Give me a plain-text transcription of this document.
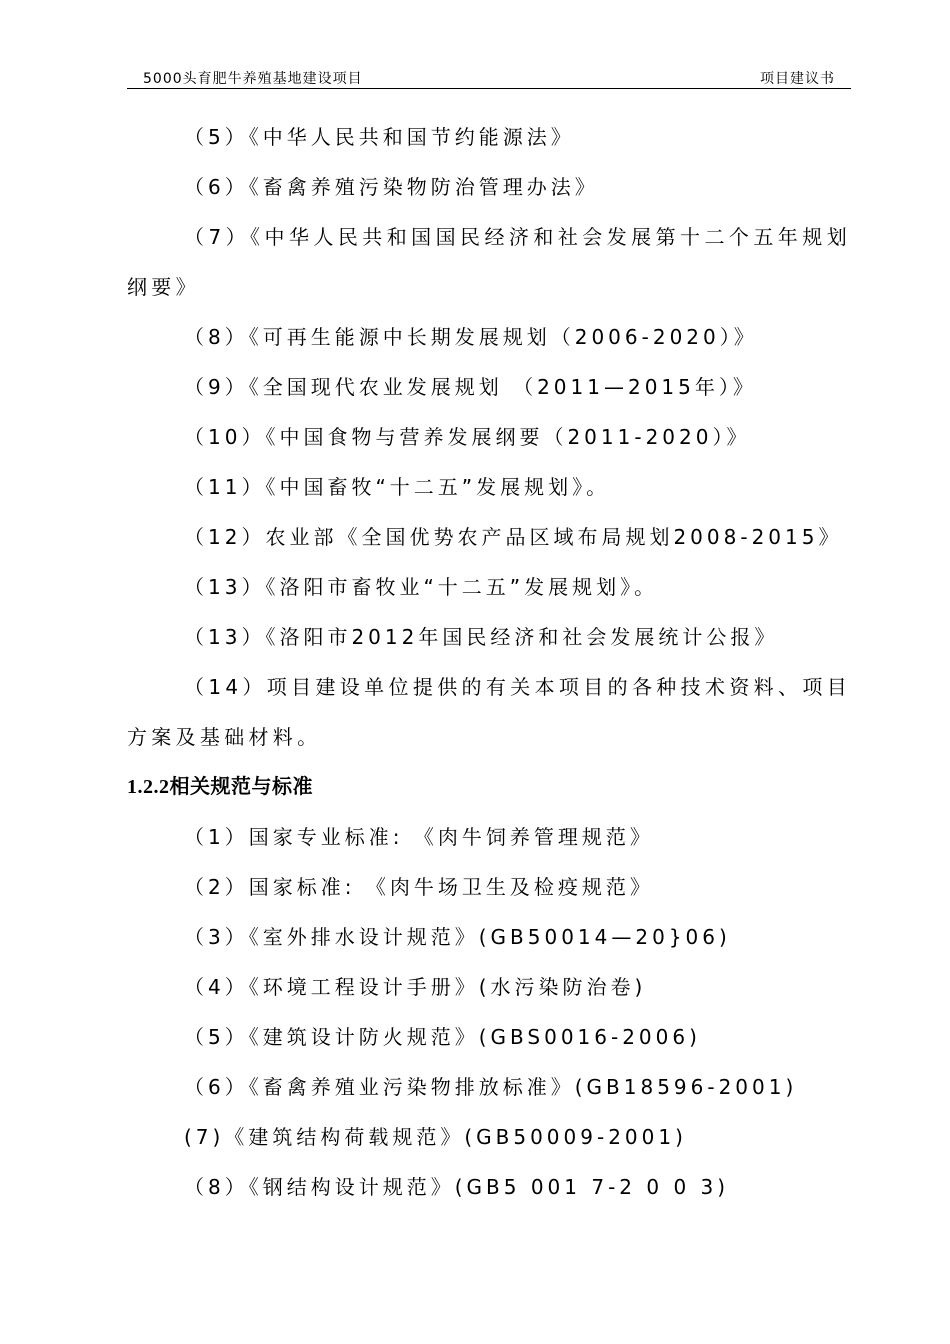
5000头育肥牛养殖基地建设项目	项目建议书
（5）《中华人民共和国节约能源法》
（6）《畜禽养殖污染物防治管理办法》
（7）《中华人民共和国国民经济和社会发展第十二个五年规划纲要》
（8）《可再生能源中长期发展规划（2006-2020）》
（9）《全国现代农业发展规划 （2011—2015年）》
（10）《中国食物与营养发展纲要（2011-2020）》
（11）《中国畜牧“十二五”发展规划》。
（12）农业部《全国优势农产品区域布局规划2008-2015》
（13）《洛阳市畜牧业“十二五”发展规划》。
（13）《洛阳市2012年国民经济和社会发展统计公报》
（14）项目建设单位提供的有关本项目的各种技术资料、项目方案及基础材料。
1.2.2相关规范与标准
（1）国家专业标准: 《肉牛饲养管理规范》
（2）国家标准: 《肉牛场卫生及检疫规范》
（3）《室外排水设计规范》(GB50014—20}06)
（4）《环境工程设计手册》(水污染防治卷)
（5）《建筑设计防火规范》(GBS0016-2006)
（6）《畜禽养殖业污染物排放标准》(GB18596-2001)
(7)《建筑结构荷载规范》(GB50009-2001)
（8）《钢结构设计规范》(GB5 001 7-2 0 0 3)
